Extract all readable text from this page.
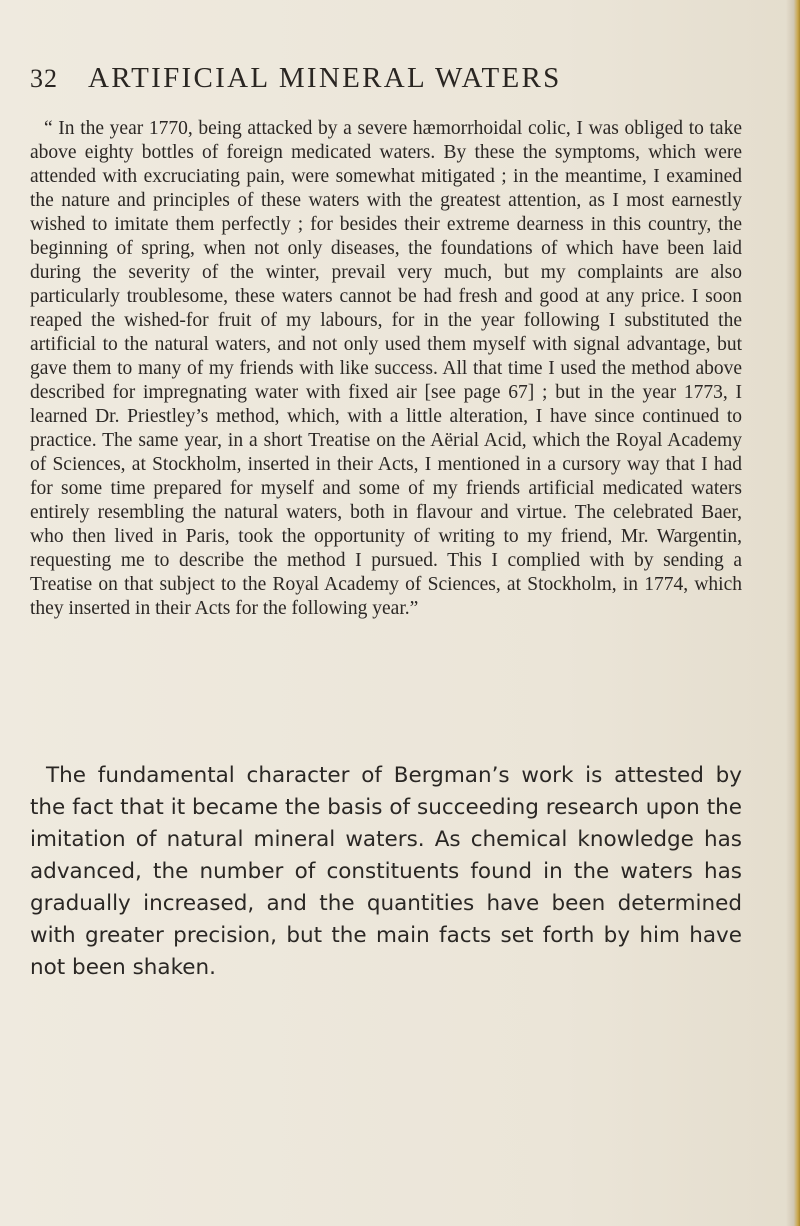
32 ARTIFICIAL MINERAL WATERS

“ In the year 1770, being attacked by a severe hæmorrhoidal colic, I was obliged to take above eighty bottles of foreign medicated waters. By these the symptoms, which were attended with excruciating pain, were somewhat mitigated ; in the meantime, I examined the nature and principles of these waters with the greatest attention, as I most earnestly wished to imitate them perfectly ; for besides their extreme dearness in this country, the beginning of spring, when not only diseases, the foundations of which have been laid during the severity of the winter, prevail very much, but my complaints are also particularly troublesome, these waters cannot be had fresh and good at any price. I soon reaped the wished-for fruit of my labours, for in the year following I substituted the artificial to the natural waters, and not only used them myself with signal advantage, but gave them to many of my friends with like success. All that time I used the method above described for impregnating water with fixed air [see page 67] ; but in the year 1773, I learned Dr. Priestley’s method, which, with a little alteration, I have since continued to practice. The same year, in a short Treatise on the Aërial Acid, which the Royal Academy of Sciences, at Stockholm, inserted in their Acts, I mentioned in a cursory way that I had for some time prepared for myself and some of my friends artificial medicated waters entirely resembling the natural waters, both in flavour and virtue. The celebrated Baer, who then lived in Paris, took the opportunity of writing to my friend, Mr. Wargentin, requesting me to describe the method I pursued. This I complied with by sending a Treatise on that subject to the Royal Academy of Sciences, at Stockholm, in 1774, which they inserted in their Acts for the following year.”

The fundamental character of Bergman’s work is attested by the fact that it became the basis of succeeding research upon the imitation of natural mineral waters. As chemical knowledge has advanced, the number of constituents found in the waters has gradually increased, and the quantities have been determined with greater precision, but the main facts set forth by him have not been shaken.
